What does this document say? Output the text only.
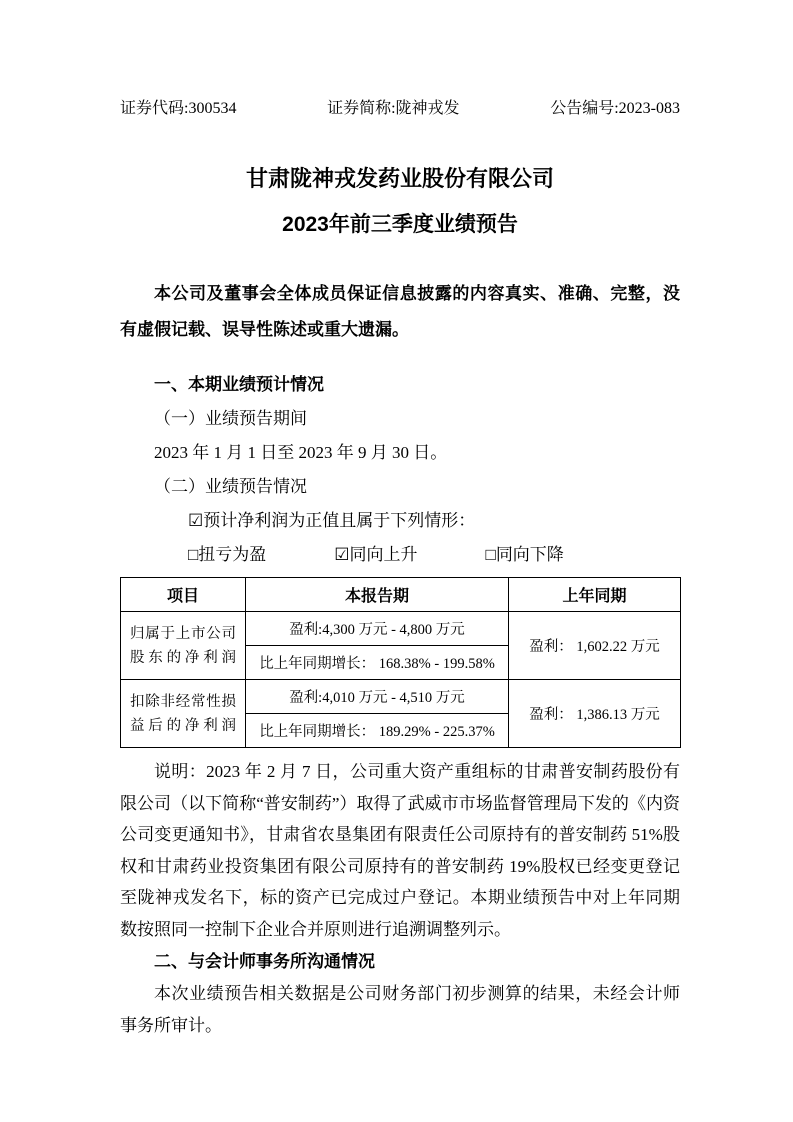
证券代码:300534	证券简称:陇神戎发	公告编号:2023-083
甘肃陇神戎发药业股份有限公司
2023年前三季度业绩预告

本公司及董事会全体成员保证信息披露的内容真实、准确、完整，没有虚假记载、误导性陈述或重大遗漏。

一、本期业绩预计情况

（一）业绩预告期间

2023 年 1 月 1 日至 2023 年 9 月 30 日。

（二）业绩预告情况

☑预计净利润为正值且属于下列情形：

□扭亏为盈	☑同向上升	□同向下降

项目	本报告期	上年同期
归属于上市公司股东的净利润	盈利:4,300 万元 - 4,800 万元	盈利： 1,602.22 万元
	比上年同期增长： 168.38% - 199.58%	
扣除非经常性损益后的净利润	盈利:4,010 万元 - 4,510 万元	盈利： 1,386.13 万元
	比上年同期增长： 189.29% - 225.37%	

说明：2023 年 2 月 7 日，公司重大资产重组标的甘肃普安制药股份有限公司（以下简称“普安制药”）取得了武威市市场监督管理局下发的《内资公司变更通知书》，甘肃省农垦集团有限责任公司原持有的普安制药 51%股权和甘肃药业投资集团有限公司原持有的普安制药 19%股权已经变更登记至陇神戎发名下，标的资产已完成过户登记。本期业绩预告中对上年同期数按照同一控制下企业合并原则进行追溯调整列示。

二、与会计师事务所沟通情况

本次业绩预告相关数据是公司财务部门初步测算的结果，未经会计师事务所审计。
